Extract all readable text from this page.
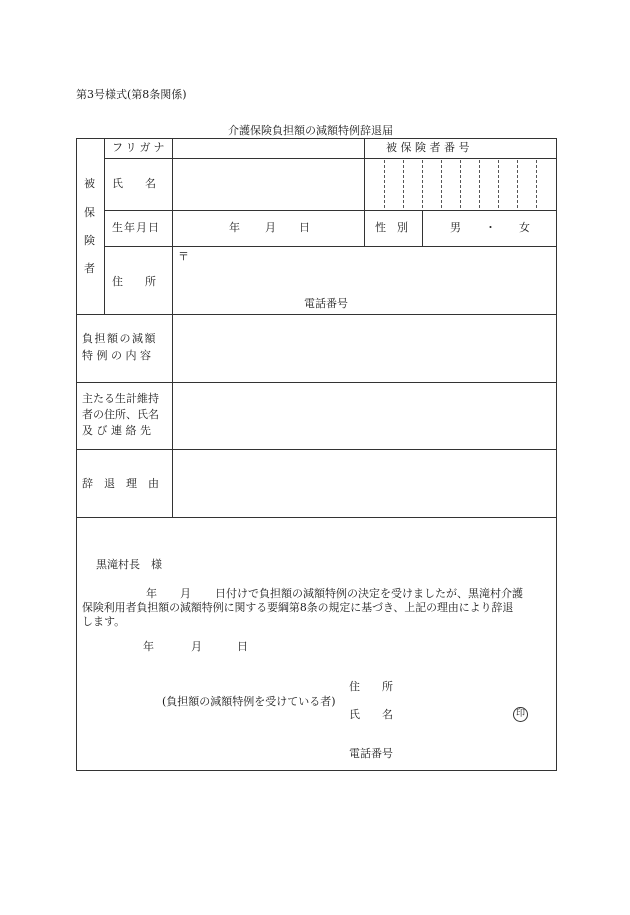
第3号様式(第8条関係)
介護保険負担額の減額特例辞退届
被
保
険
者
フリガナ	被 保 険 者 番 号
氏　　名
生年月日	年 月 日	性　別	男 ・ 女
住　　所
〒
電話番号
負担額の減額
特 例 の 内 容
主たる生計維持
者の住所、氏名
及 び 連 絡 先
辞　退　理　由
黒滝村長　様
年 月 日付けで負担額の減額特例の決定を受けましたが、黒滝村介護
保険利用者負担額の減額特例に関する要綱第8条の規定に基づき、上記の理由により辞退
します。
年	月	日
住　　所
(負担額の減額特例を受けている者)
氏　　名	印
電話番号
